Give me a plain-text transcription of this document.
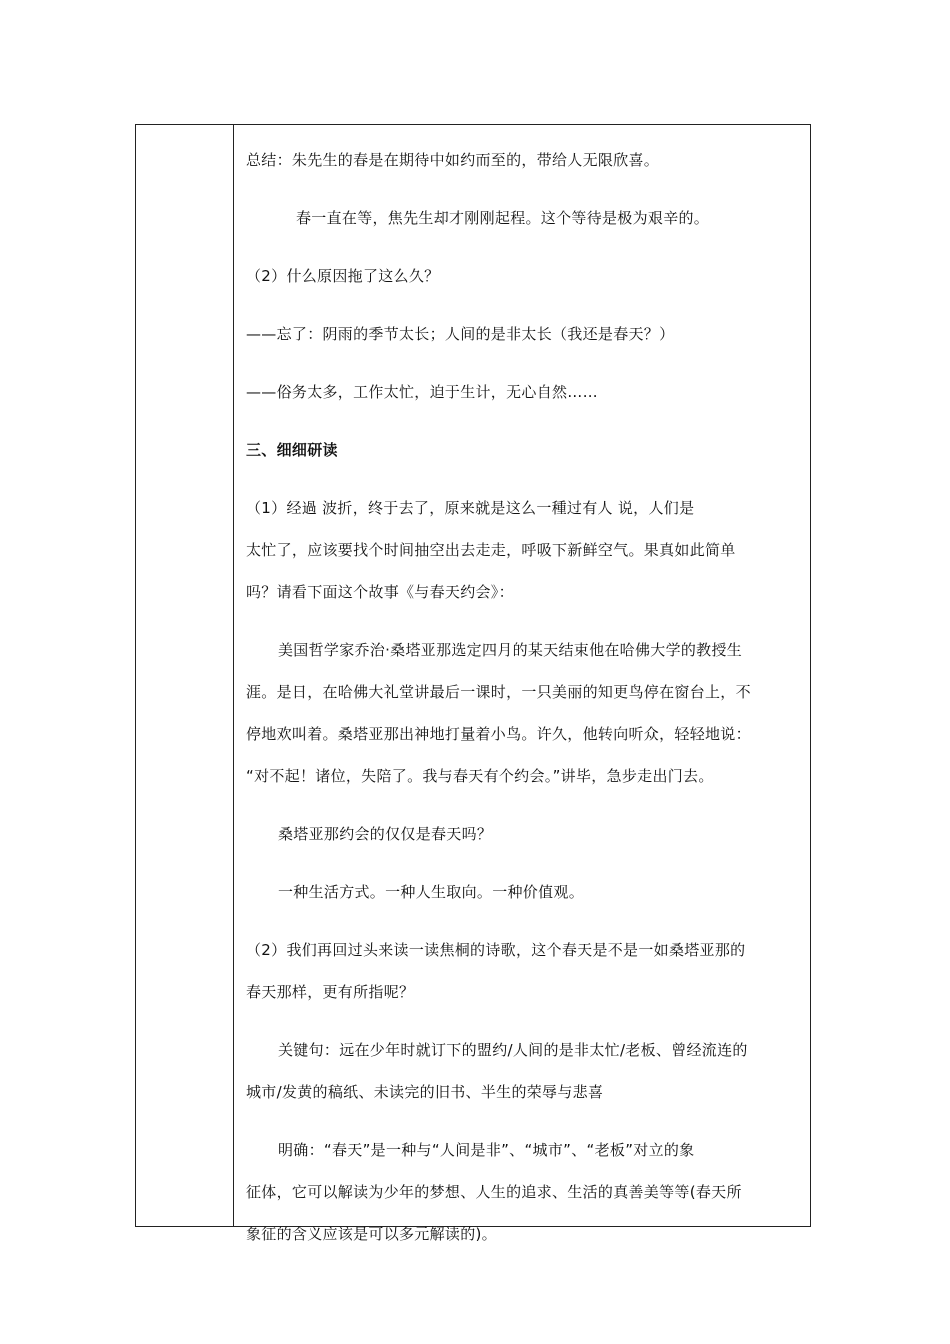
总结：朱先生的春是在期待中如约而至的，带给人无限欣喜。
春一直在等，焦先生却才刚刚起程。这个等待是极为艰辛的。
（2）什么原因拖了这么久？
——忘了：阴雨的季节太长；人间的是非太长（我还是春天？）
——俗务太多，工作太忙，迫于生计，无心自然……
三、细细研读
（1）经過 波折，终于去了，原来就是这么一種过有人 说，人们是
太忙了，应该要找个时间抽空出去走走，呼吸下新鲜空气。果真如此简单
吗？请看下面这个故事《与春天约会》：
美国哲学家乔治·桑塔亚那选定四月的某天结束他在哈佛大学的教授生
涯。是日，在哈佛大礼堂讲最后一课时，一只美丽的知更鸟停在窗台上，不
停地欢叫着。桑塔亚那出神地打量着小鸟。许久，他转向听众，轻轻地说：
“对不起！诸位，失陪了。我与春天有个约会。”讲毕，急步走出门去。
桑塔亚那约会的仅仅是春天吗？
一种生活方式。一种人生取向。一种价值观。
（2）我们再回过头来读一读焦桐的诗歌，这个春天是不是一如桑塔亚那的
春天那样，更有所指呢？
关键句：远在少年时就订下的盟约/人间的是非太忙/老板、曾经流连的
城市/发黄的稿纸、未读完的旧书、半生的荣辱与悲喜
明确：“春天”是一种与“人间是非”、“城市”、“老板”对立的象
征体，它可以解读为少年的梦想、人生的追求、生活的真善美等等(春天所
象征的含义应该是可以多元解读的)。
